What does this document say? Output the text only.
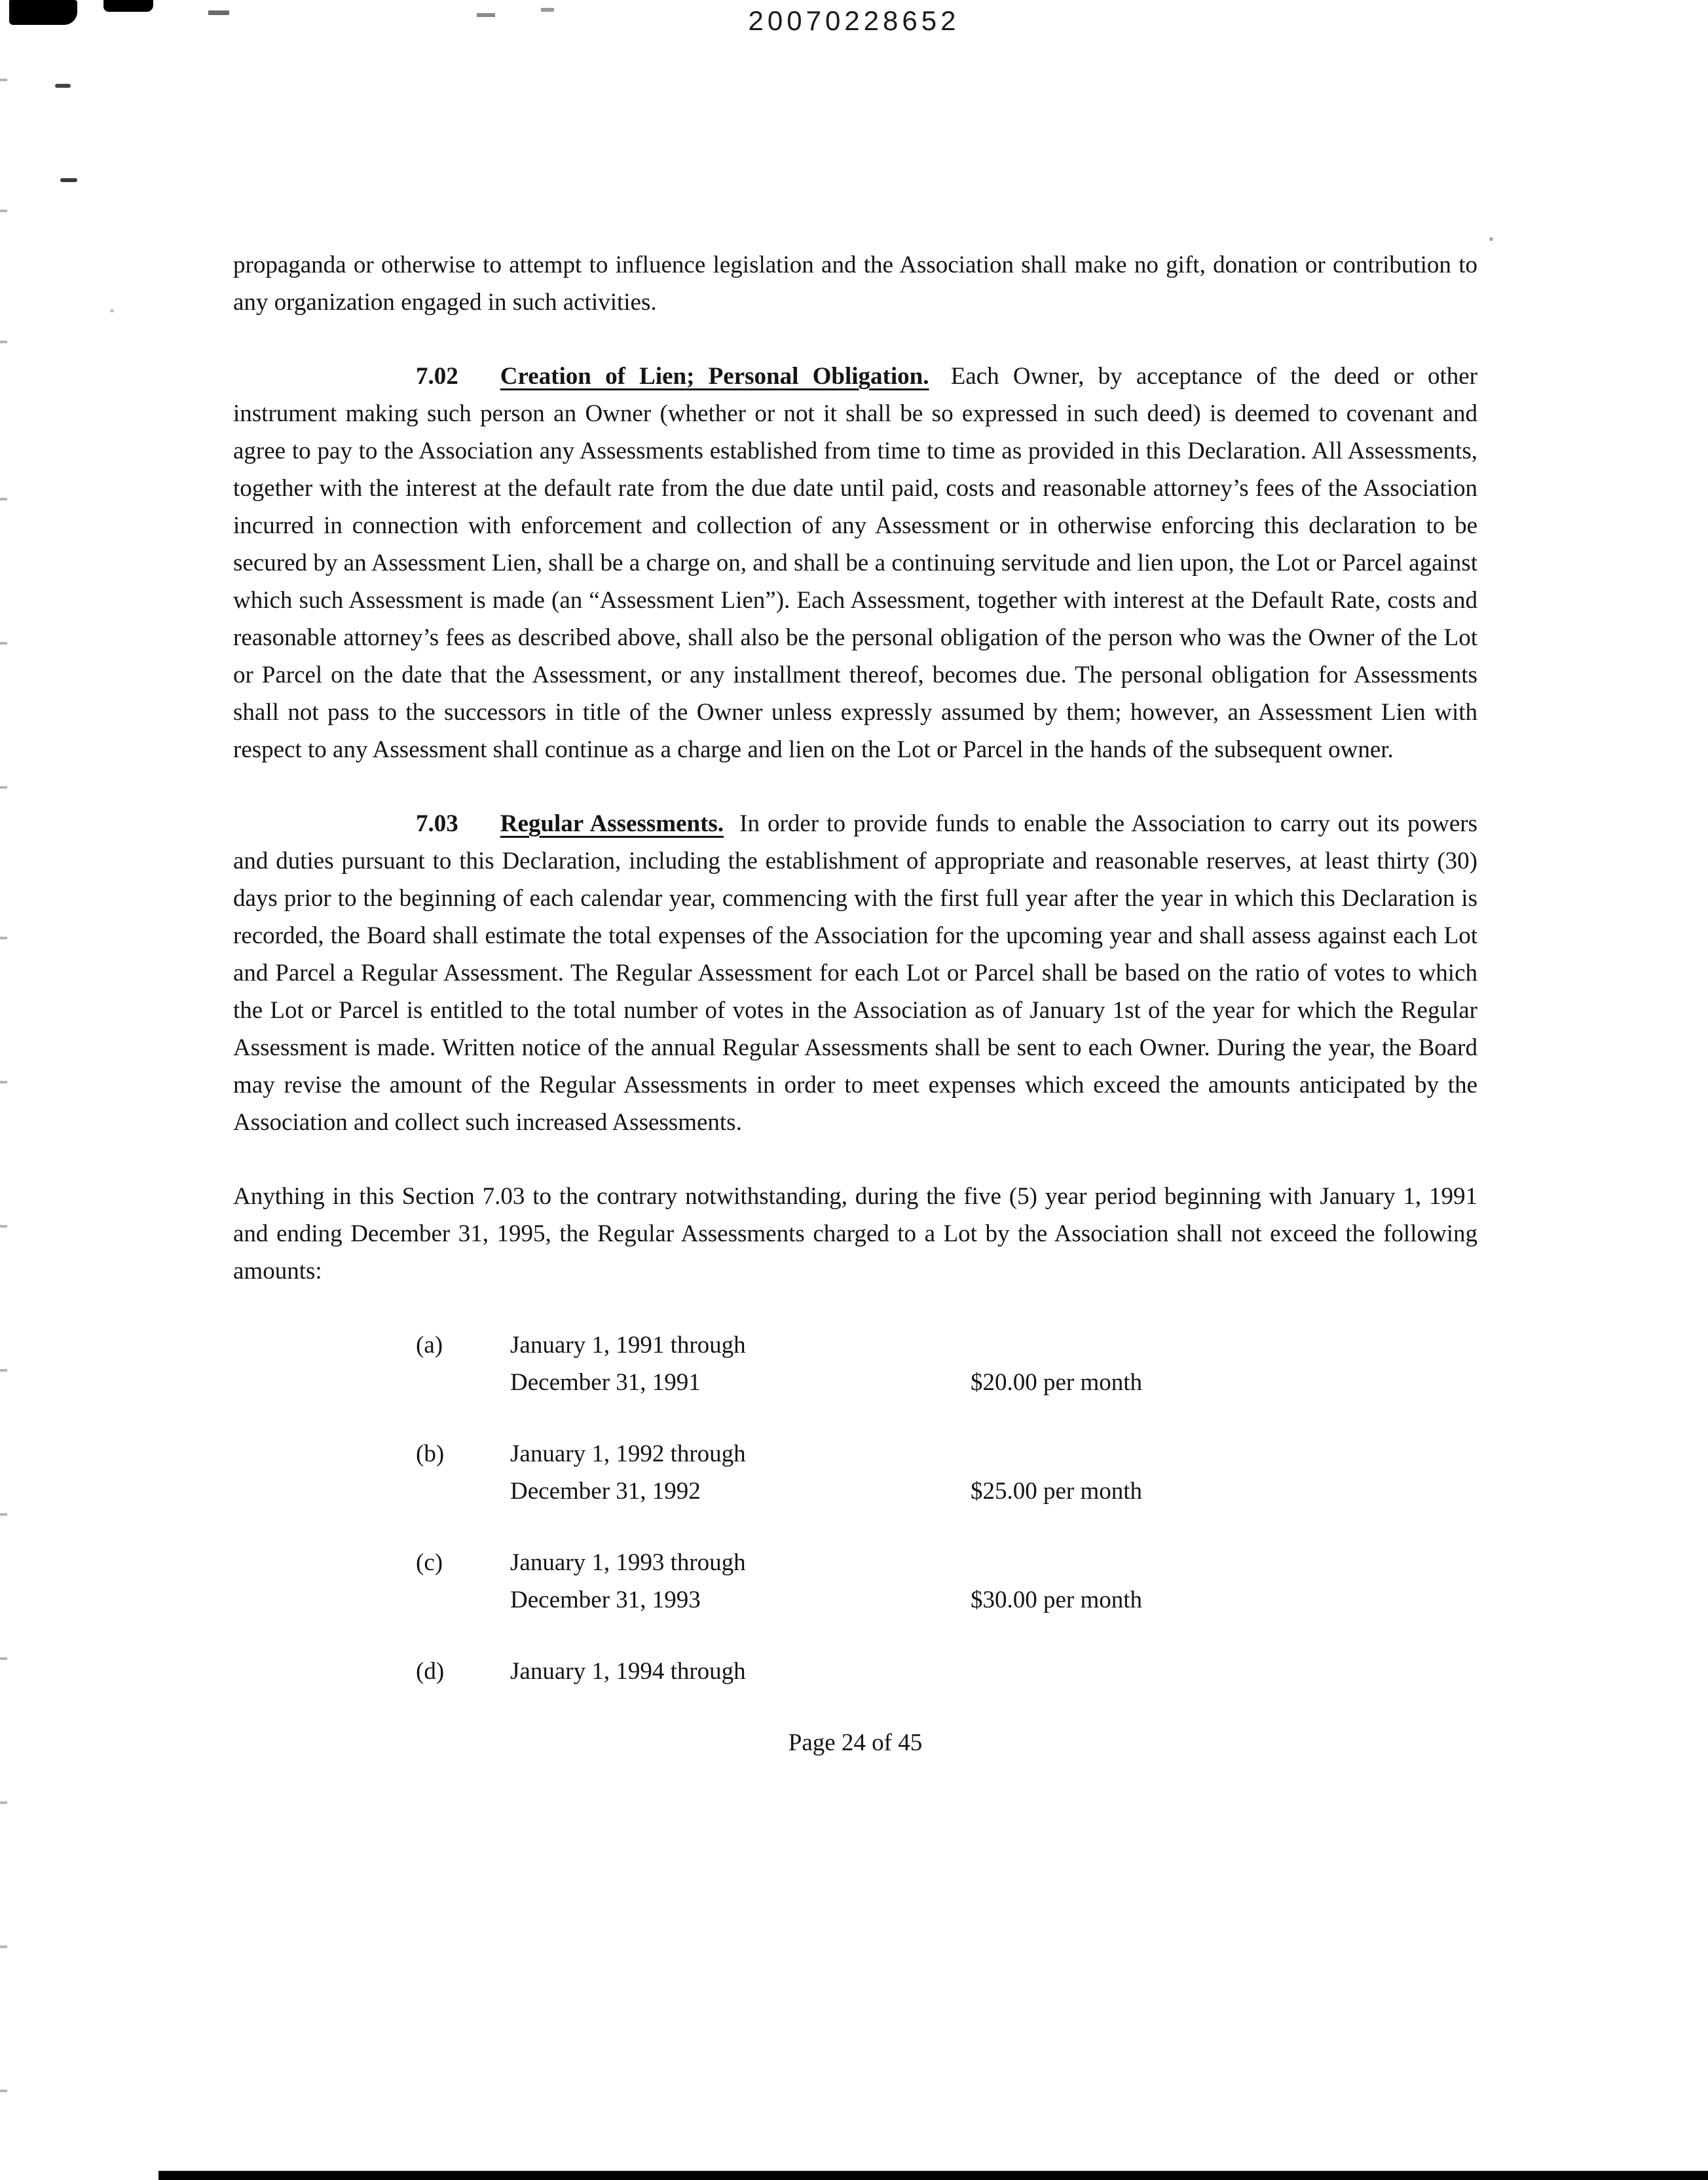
20070228652

propaganda or otherwise to attempt to influence legislation and the Association shall make no gift, donation or contribution to any organization engaged in such activities.

7.02 Creation of Lien; Personal Obligation. Each Owner, by acceptance of the deed or other instrument making such person an Owner (whether or not it shall be so expressed in such deed) is deemed to covenant and agree to pay to the Association any Assessments established from time to time as provided in this Declaration. All Assessments, together with the interest at the default rate from the due date until paid, costs and reasonable attorney’s fees of the Association incurred in connection with enforcement and collection of any Assessment or in otherwise enforcing this declaration to be secured by an Assessment Lien, shall be a charge on, and shall be a continuing servitude and lien upon, the Lot or Parcel against which such Assessment is made (an “Assessment Lien”). Each Assessment, together with interest at the Default Rate, costs and reasonable attorney’s fees as described above, shall also be the personal obligation of the person who was the Owner of the Lot or Parcel on the date that the Assessment, or any installment thereof, becomes due. The personal obligation for Assessments shall not pass to the successors in title of the Owner unless expressly assumed by them; however, an Assessment Lien with respect to any Assessment shall continue as a charge and lien on the Lot or Parcel in the hands of the subsequent owner.

7.03 Regular Assessments. In order to provide funds to enable the Association to carry out its powers and duties pursuant to this Declaration, including the establishment of appropriate and reasonable reserves, at least thirty (30) days prior to the beginning of each calendar year, commencing with the first full year after the year in which this Declaration is recorded, the Board shall estimate the total expenses of the Association for the upcoming year and shall assess against each Lot and Parcel a Regular Assessment. The Regular Assessment for each Lot or Parcel shall be based on the ratio of votes to which the Lot or Parcel is entitled to the total number of votes in the Association as of January 1st of the year for which the Regular Assessment is made. Written notice of the annual Regular Assessments shall be sent to each Owner. During the year, the Board may revise the amount of the Regular Assessments in order to meet expenses which exceed the amounts anticipated by the Association and collect such increased Assessments.

Anything in this Section 7.03 to the contrary notwithstanding, during the five (5) year period beginning with January 1, 1991 and ending December 31, 1995, the Regular Assessments charged to a Lot by the Association shall not exceed the following amounts:

(a)	January 1, 1991 through
December 31, 1991	$20.00 per month
(b)	January 1, 1992 through
December 31, 1992	$25.00 per month
(c)	January 1, 1993 through
December 31, 1993	$30.00 per month
(d)	January 1, 1994 through
Page 24 of 45
